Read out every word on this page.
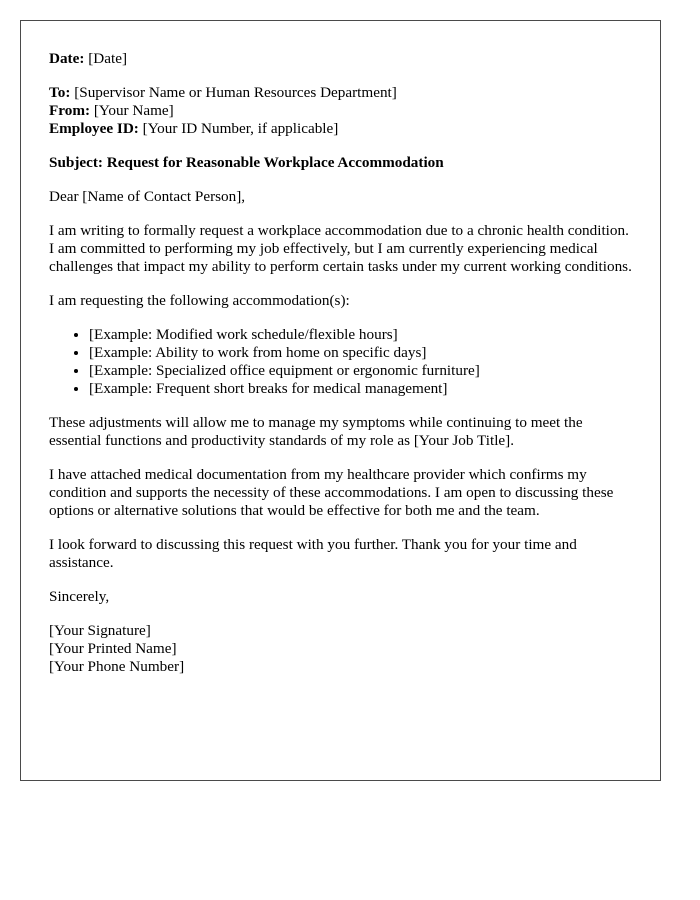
Date: [Date]

To: [Supervisor Name or Human Resources Department]

From: [Your Name]

Employee ID: [Your ID Number, if applicable]

Subject: Request for Reasonable Workplace Accommodation

Dear [Name of Contact Person],

I am writing to formally request a workplace accommodation due to a chronic health condition. I am committed to performing my job effectively, but I am currently experiencing medical challenges that impact my ability to perform certain tasks under my current working conditions.

I am requesting the following accommodation(s):

• [Example: Modified work schedule/flexible hours]
• [Example: Ability to work from home on specific days]
• [Example: Specialized office equipment or ergonomic furniture]
• [Example: Frequent short breaks for medical management]

These adjustments will allow me to manage my symptoms while continuing to meet the essential functions and productivity standards of my role as [Your Job Title].

I have attached medical documentation from my healthcare provider which confirms my condition and supports the necessity of these accommodations. I am open to discussing these options or alternative solutions that would be effective for both me and the team.

I look forward to discussing this request with you further. Thank you for your time and assistance.

Sincerely,

[Your Signature]
[Your Printed Name]
[Your Phone Number]
